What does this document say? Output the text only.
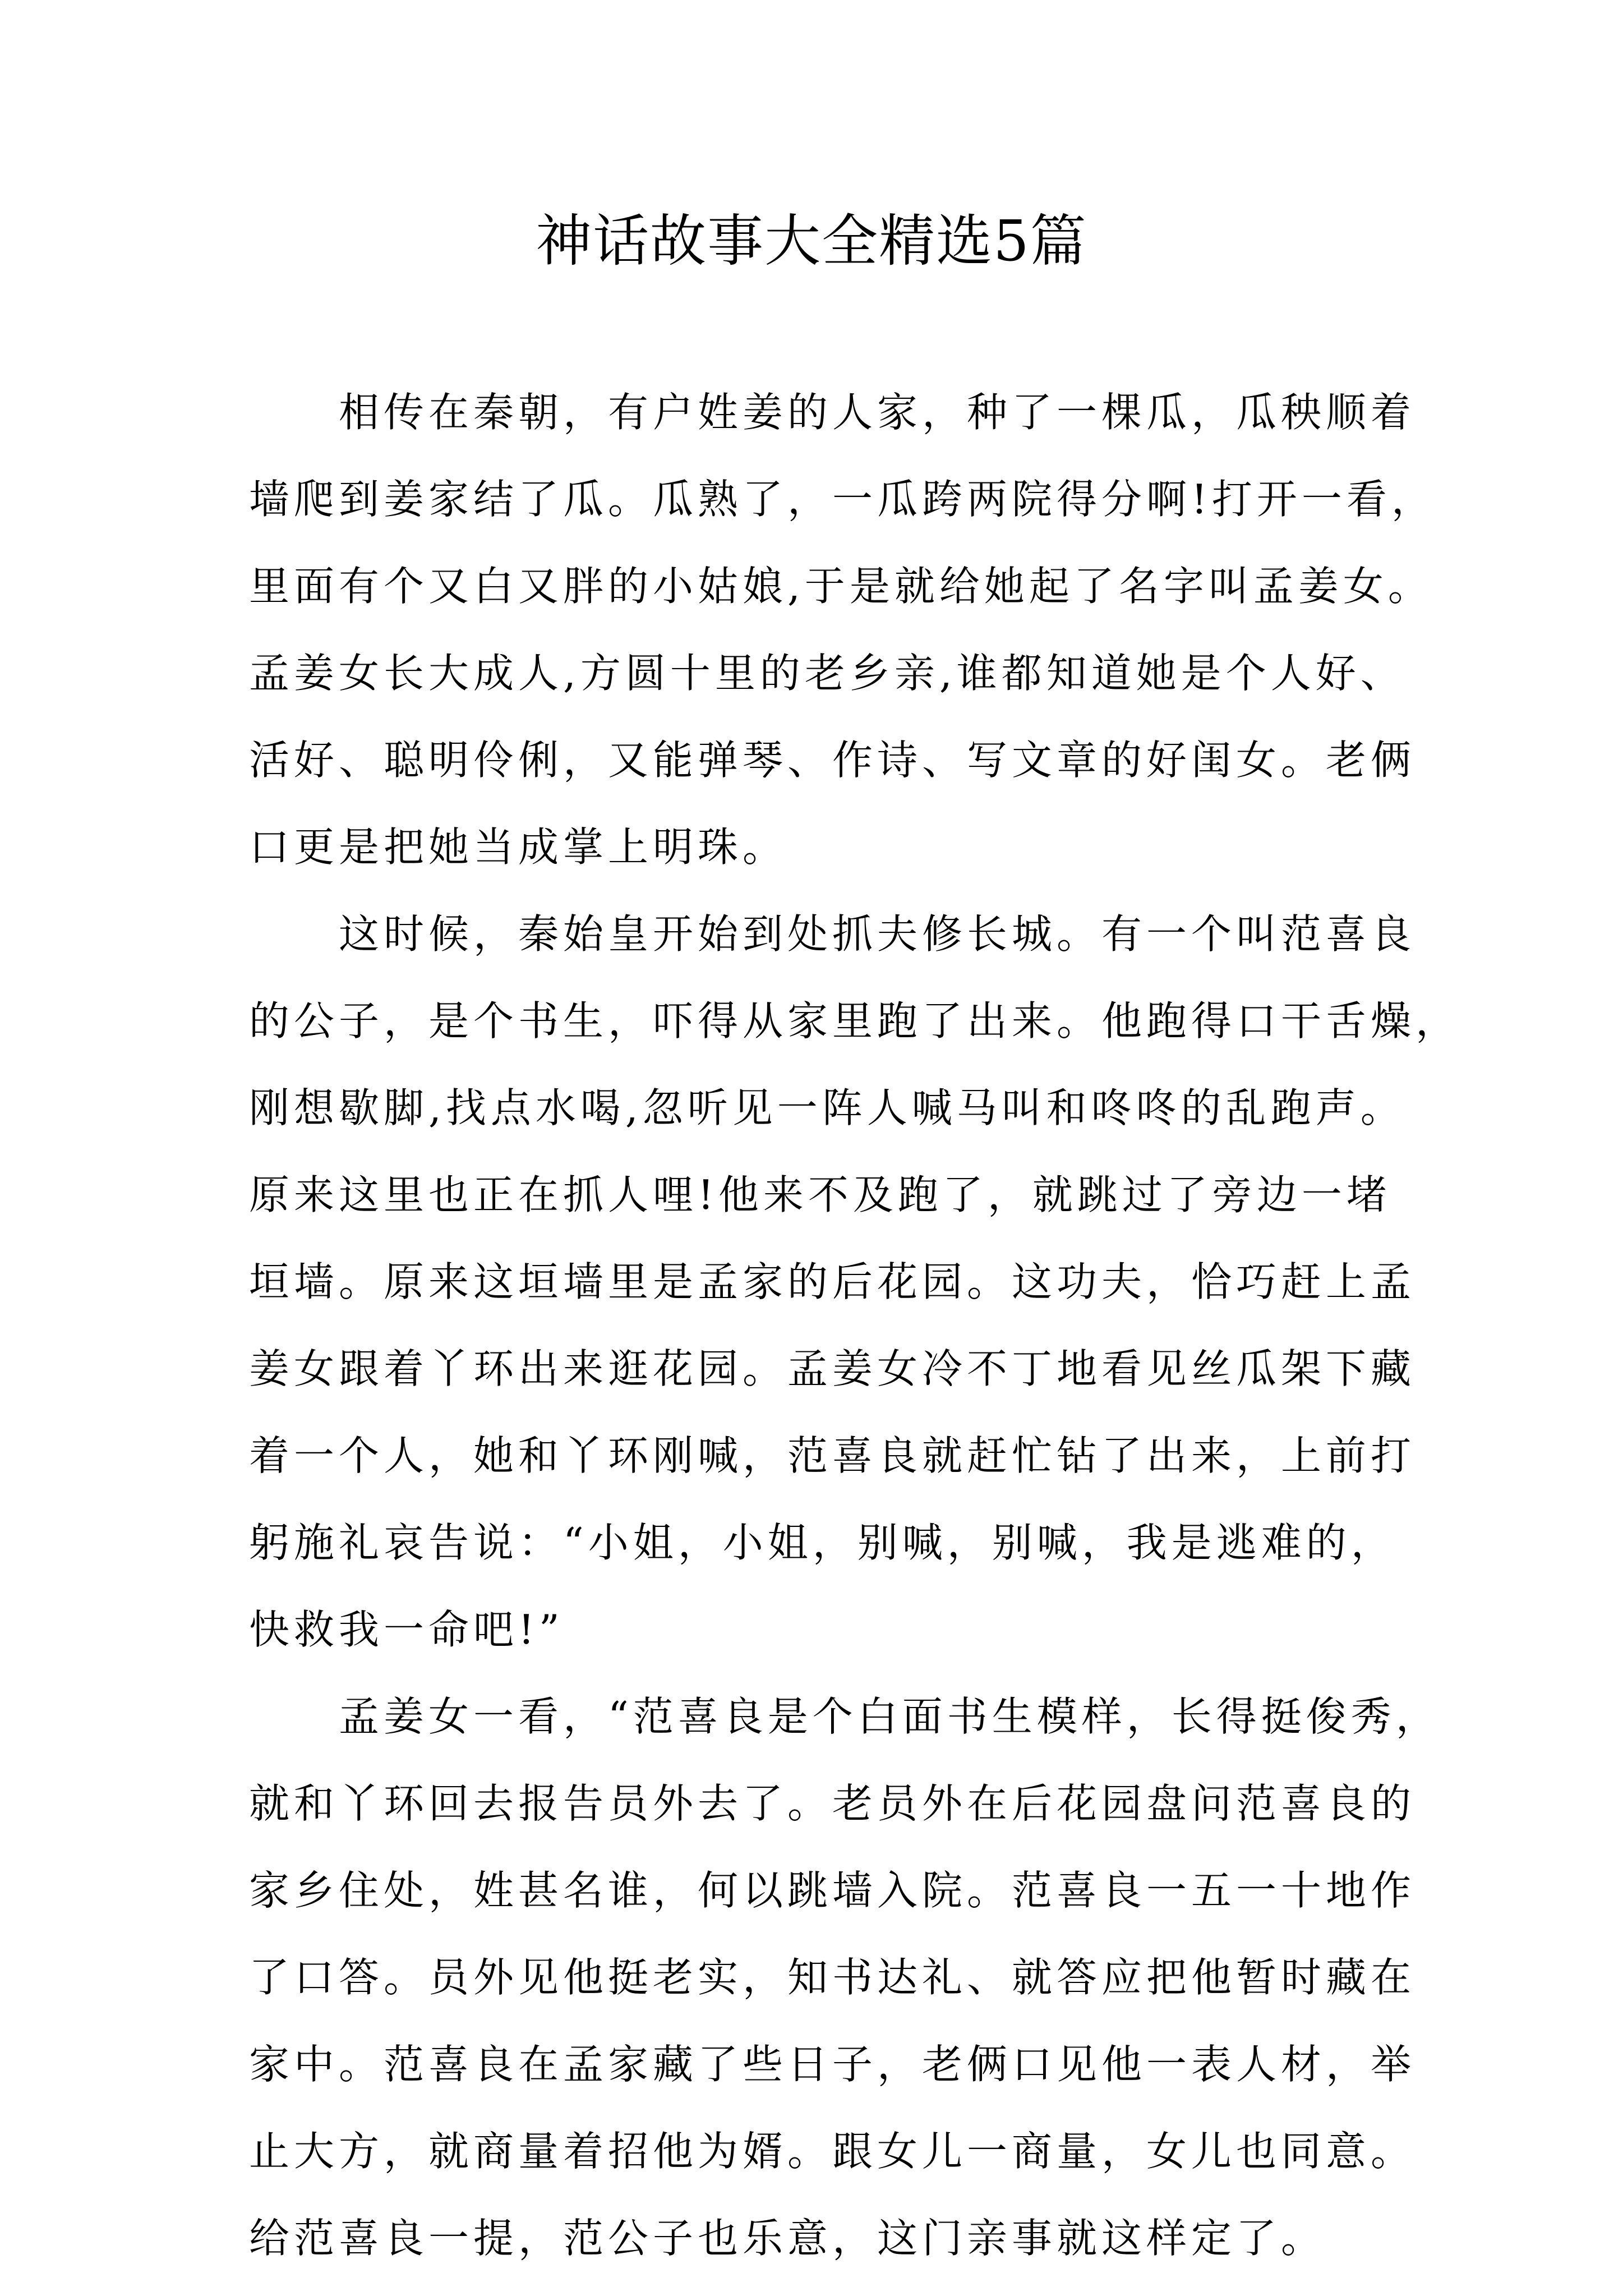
神话故事大全精选5篇
相传在秦朝，有户姓姜的人家，种了一棵瓜，瓜秧顺着
墙爬到姜家结了瓜。瓜熟了，一瓜跨两院得分啊!打开一看，
里面有个又白又胖的小姑娘,于是就给她起了名字叫孟姜女。
孟姜女长大成人,方圆十里的老乡亲,谁都知道她是个人好、
活好、聪明伶俐，又能弹琴、作诗、写文章的好闺女。老俩
口更是把她当成掌上明珠。
这时候，秦始皇开始到处抓夫修长城。有一个叫范喜良
的公子，是个书生，吓得从家里跑了出来。他跑得口干舌燥，
刚想歇脚,找点水喝,忽听见一阵人喊马叫和咚咚的乱跑声。
原来这里也正在抓人哩!他来不及跑了，就跳过了旁边一堵
垣墙。原来这垣墙里是孟家的后花园。这功夫，恰巧赶上孟
姜女跟着丫环出来逛花园。孟姜女冷不丁地看见丝瓜架下藏
着一个人，她和丫环刚喊，范喜良就赶忙钻了出来，上前打
躬施礼哀告说：“小姐，小姐，别喊，别喊，我是逃难的，
快救我一命吧!”
孟姜女一看，“范喜良是个白面书生模样，长得挺俊秀，
就和丫环回去报告员外去了。老员外在后花园盘问范喜良的
家乡住处，姓甚名谁，何以跳墙入院。范喜良一五一十地作
了口答。员外见他挺老实，知书达礼、就答应把他暂时藏在
家中。范喜良在孟家藏了些日子，老俩口见他一表人材，举
止大方，就商量着招他为婿。跟女儿一商量，女儿也同意。
给范喜良一提，范公子也乐意，这门亲事就这样定了。
